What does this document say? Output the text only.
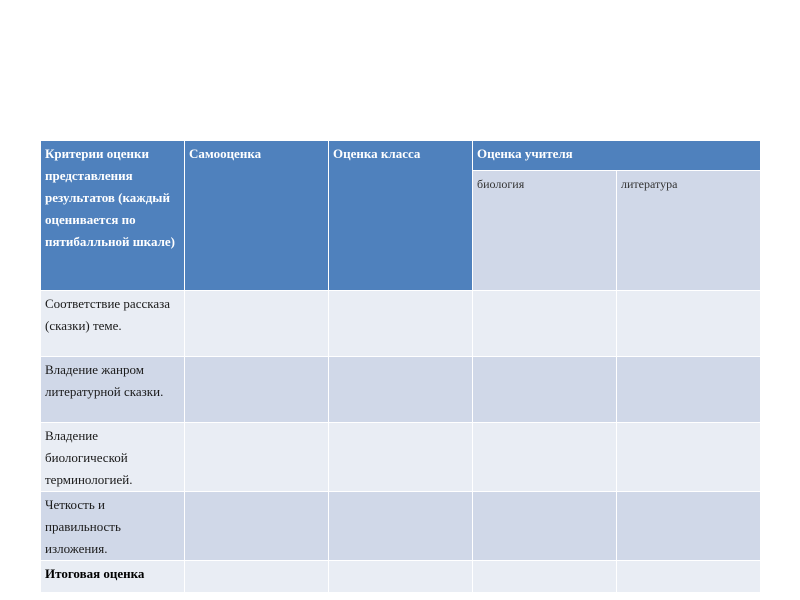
Критерии оценки представления результатов (каждый оценивается по пятибалльной шкале)	Самооценка	Оценка класса	Оценка учителя	
			биология	литература
Соответствие рассказа (сказки) теме.				
Владение жанром литературной сказки.				
Владение биологической терминологией.				
Четкость и правильность изложения.				
Итоговая оценка				
